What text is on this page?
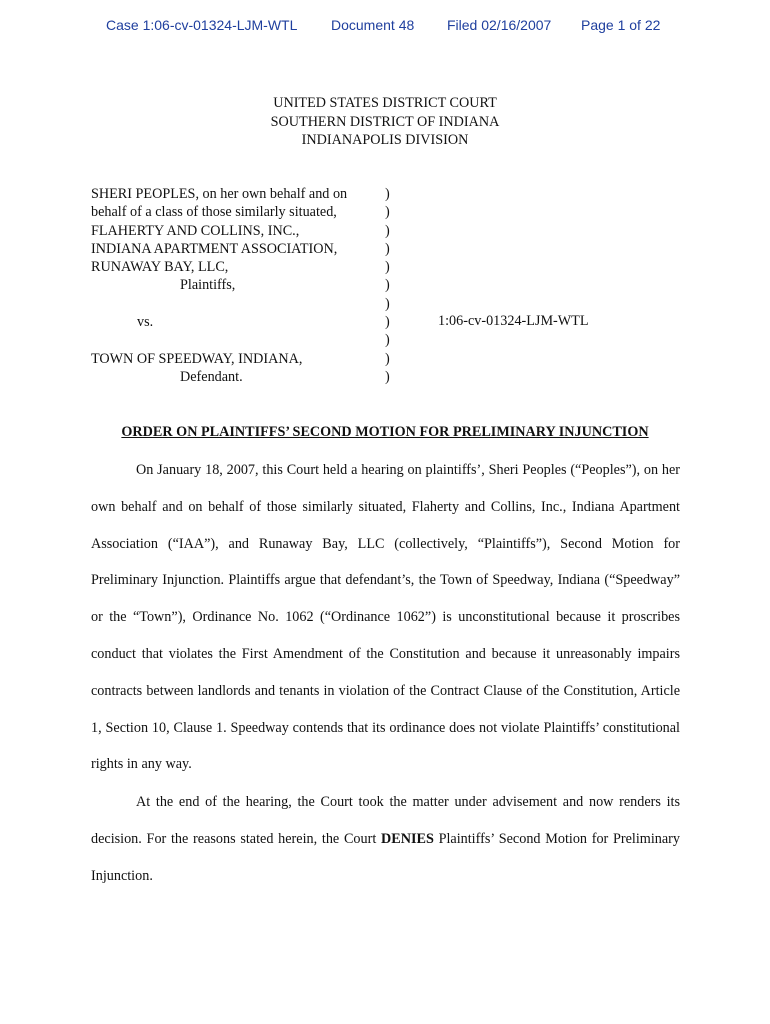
Case 1:06-cv-01324-LJM-WTL Document 48 Filed 02/16/2007 Page 1 of 22
UNITED STATES DISTRICT COURT
SOUTHERN DISTRICT OF INDIANA
INDIANAPOLIS DIVISION
SHERI PEOPLES, on her own behalf and on
behalf of a class of those similarly situated,
FLAHERTY AND COLLINS, INC.,
INDIANA APARTMENT ASSOCIATION,
RUNAWAY BAY, LLC,
Plaintiffs,
vs.
TOWN OF SPEEDWAY, INDIANA,
Defendant.
)
)
)
)
)
)
)
)
)
)
)
1:06-cv-01324-LJM-WTL
ORDER ON PLAINTIFFS’ SECOND MOTION FOR PRELIMINARY INJUNCTION

On January 18, 2007, this Court held a hearing on plaintiffs’, Sheri Peoples (“Peoples”), on her own behalf and on behalf of those similarly situated, Flaherty and Collins, Inc., Indiana Apartment Association (“IAA”), and Runaway Bay, LLC (collectively, “Plaintiffs”), Second Motion for Preliminary Injunction. Plaintiffs argue that defendant’s, the Town of Speedway, Indiana (“Speedway” or the “Town”), Ordinance No. 1062 (“Ordinance 1062”) is unconstitutional because it proscribes conduct that violates the First Amendment of the Constitution and because it unreasonably impairs contracts between landlords and tenants in violation of the Contract Clause of the Constitution, Article 1, Section 10, Clause 1. Speedway contends that its ordinance does not violate Plaintiffs’ constitutional rights in any way.

At the end of the hearing, the Court took the matter under advisement and now renders its decision. For the reasons stated herein, the Court DENIES Plaintiffs’ Second Motion for Preliminary Injunction.
